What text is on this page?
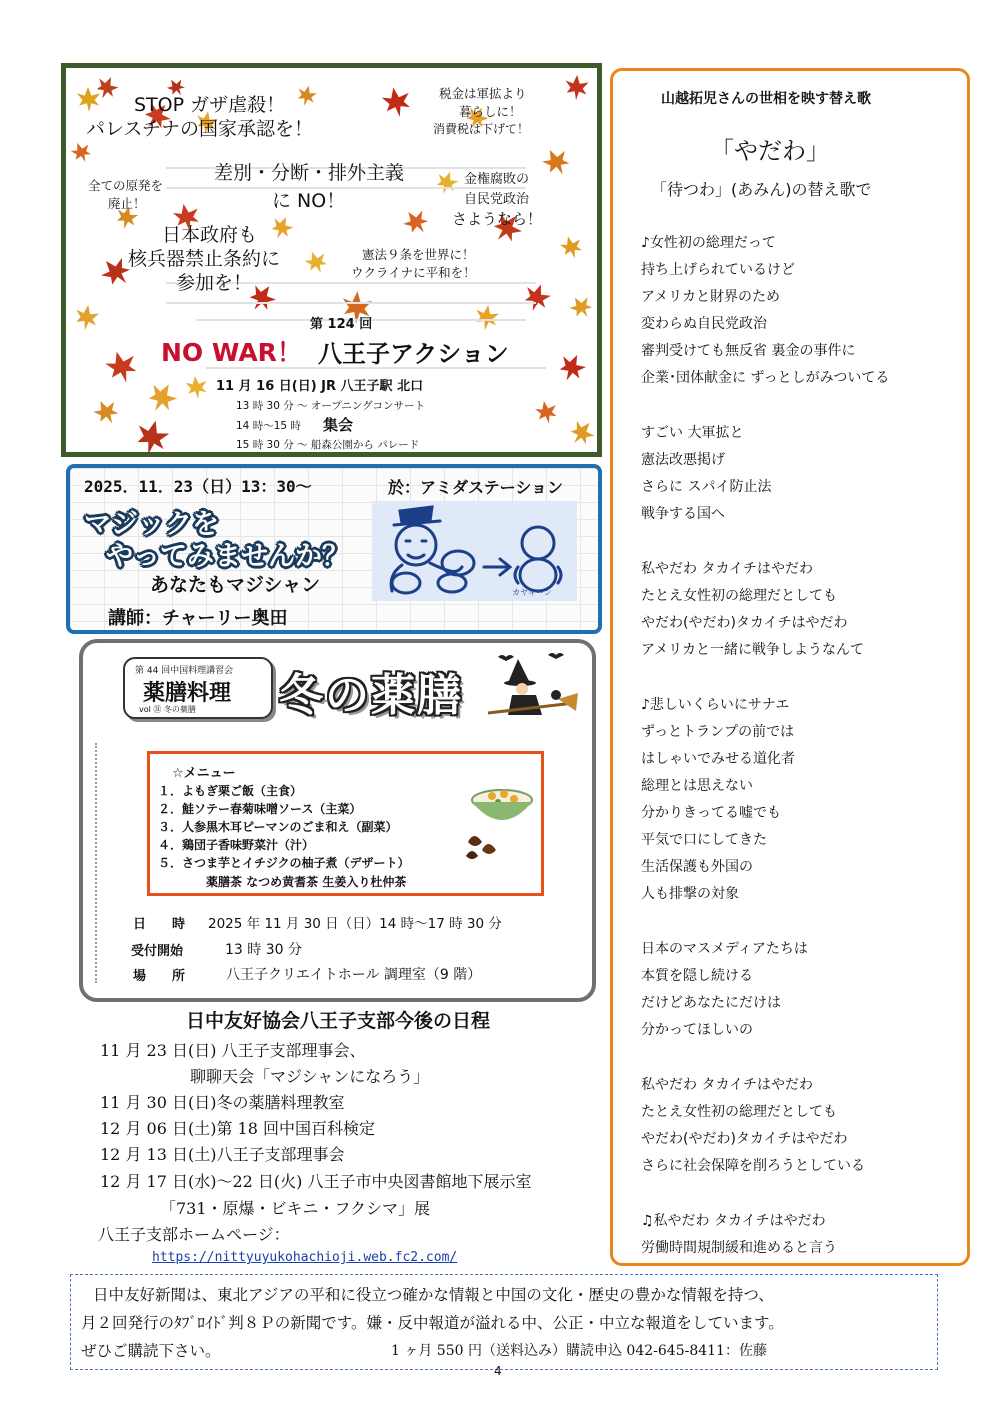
STOP ガザ虐殺！
パレスチナの国家承認を！
税金は軍拡より
暮らしに！
消費税は下げて！
差別・分断・排外主義
に NO！
全ての原発を
廃止！
金権腐敗の
自民党政治
さようなら！
日本政府も
核兵器禁止条約に
参加を！
憲法９条を世界に！
ウクライナに平和を！
第 124 回
NO WAR！ 八王子アクション
11 月 16 日(日) JR 八王子駅 北口
13 時 30 分 ～ オープニングコンサート
14 時～15 時 集会
15 時 30 分 ～ 船森公園から パレード
2025．11．23（日）13：30～	於：アミダステーション
マジックを
やってみませんか？
あなたもマジシャン
講師：チャーリー奥田
カヤキーン
第 44 回中国料理講習会
薬膳料理
vol ㉛ 冬の薬膳 冬の薬膳
☆メニュー
１．よもぎ栗ご飯（主食）
２．鮭ソテー春菊味噌ソース（主菜）
３．人参黒木耳ピーマンのごま和え（副菜）
４．鶏団子香味野菜汁（汁）
５．さつま芋とイチジクの柚子煮（デザート）
薬膳茶 なつめ黄耆茶 生姜入り杜仲茶
日　　時 2025 年 11 月 30 日（日）14 時～17 時 30 分
受付開始	13 時 30 分
場　　所	八王子クリエイトホール 調理室（9 階）
日中友好協会八王子支部今後の日程
11 月 23 日(日) 八王子支部理事会、
聊聊天会「マジシャンになろう」
11 月 30 日(日)冬の薬膳料理教室
12 月 06 日(土)第 18 回中国百科検定
12 月 13 日(土)八王子支部理事会
12 月 17 日(水)～22 日(火) 八王子市中央図書館地下展示室
「731・原爆・ビキニ・フクシマ」展
八王子支部ホームページ：
https://nittyuyukohachioji.web.fc2.com/
山越拓児さんの世相を映す替え歌
「やだわ」
「待つわ」(あみん)の替え歌で
♪女性初の総理だって
持ち上げられているけど
アメリカと財界のため
変わらぬ自民党政治
審判受けても無反省 裏金の事件に
企業･団体献金に ずっとしがみついてる
すごい 大軍拡と
憲法改悪掲げ
さらに スパイ防止法
戦争する国へ
私やだわ タカイチはやだわ
たとえ女性初の総理だとしても
やだわ(やだわ)タカイチはやだわ
アメリカと一緒に戦争しようなんて
♪悲しいくらいにサナエ
ずっとトランプの前では
はしゃいでみせる道化者
総理とは思えない
分かりきってる嘘でも
平気で口にしてきた
生活保護も外国の
人も排撃の対象
日本のマスメディアたちは
本質を隠し続ける
だけどあなたにだけは
分かってほしいの
私やだわ タカイチはやだわ
たとえ女性初の総理だとしても
やだわ(やだわ)タカイチはやだわ
さらに社会保障を削ろうとしている
♫私やだわ タカイチはやだわ
労働時間規制緩和進めると言う
日中友好新聞は、東北アジアの平和に役立つ確かな情報と中国の文化・歴史の豊かな情報を持つ、
月２回発行のﾀﾌﾞﾛｲﾄﾞ判８Ｐの新聞です。嫌・反中報道が溢れる中、公正・中立な報道をしています。
ぜひご購読下さい。	1 ヶ月 550 円（送料込み）購読申込 042-645-8411：佐藤
4
